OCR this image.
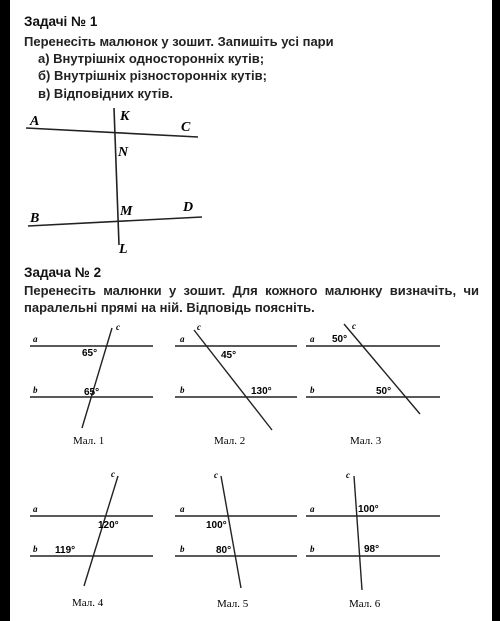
Задачі № 1
Перенесіть малюнок у зошит. Запишіть усі пари
а) Внутрішніх односторонніх кутів;
б) Внутрішніх різносторонніх кутів;
в) Відповідних кутів.
A	K
C
N
B	M	D
L
Задача № 2
Перенесіть малюнки у зошит. Для кожного малюнку визначіть, чи
паралельні прямі на ній. Відповідь поясніть.
a
b
c
65°
65°
Мал. 1
a
b
c
45°
130°
Мал. 2
a
b
c
50°
50°
Мал. 3
a
b
c
120°
119°
Мал. 4
a
b
c
100°
80°
Мал. 5
a
b
c
100°
98°
Мал. 6
